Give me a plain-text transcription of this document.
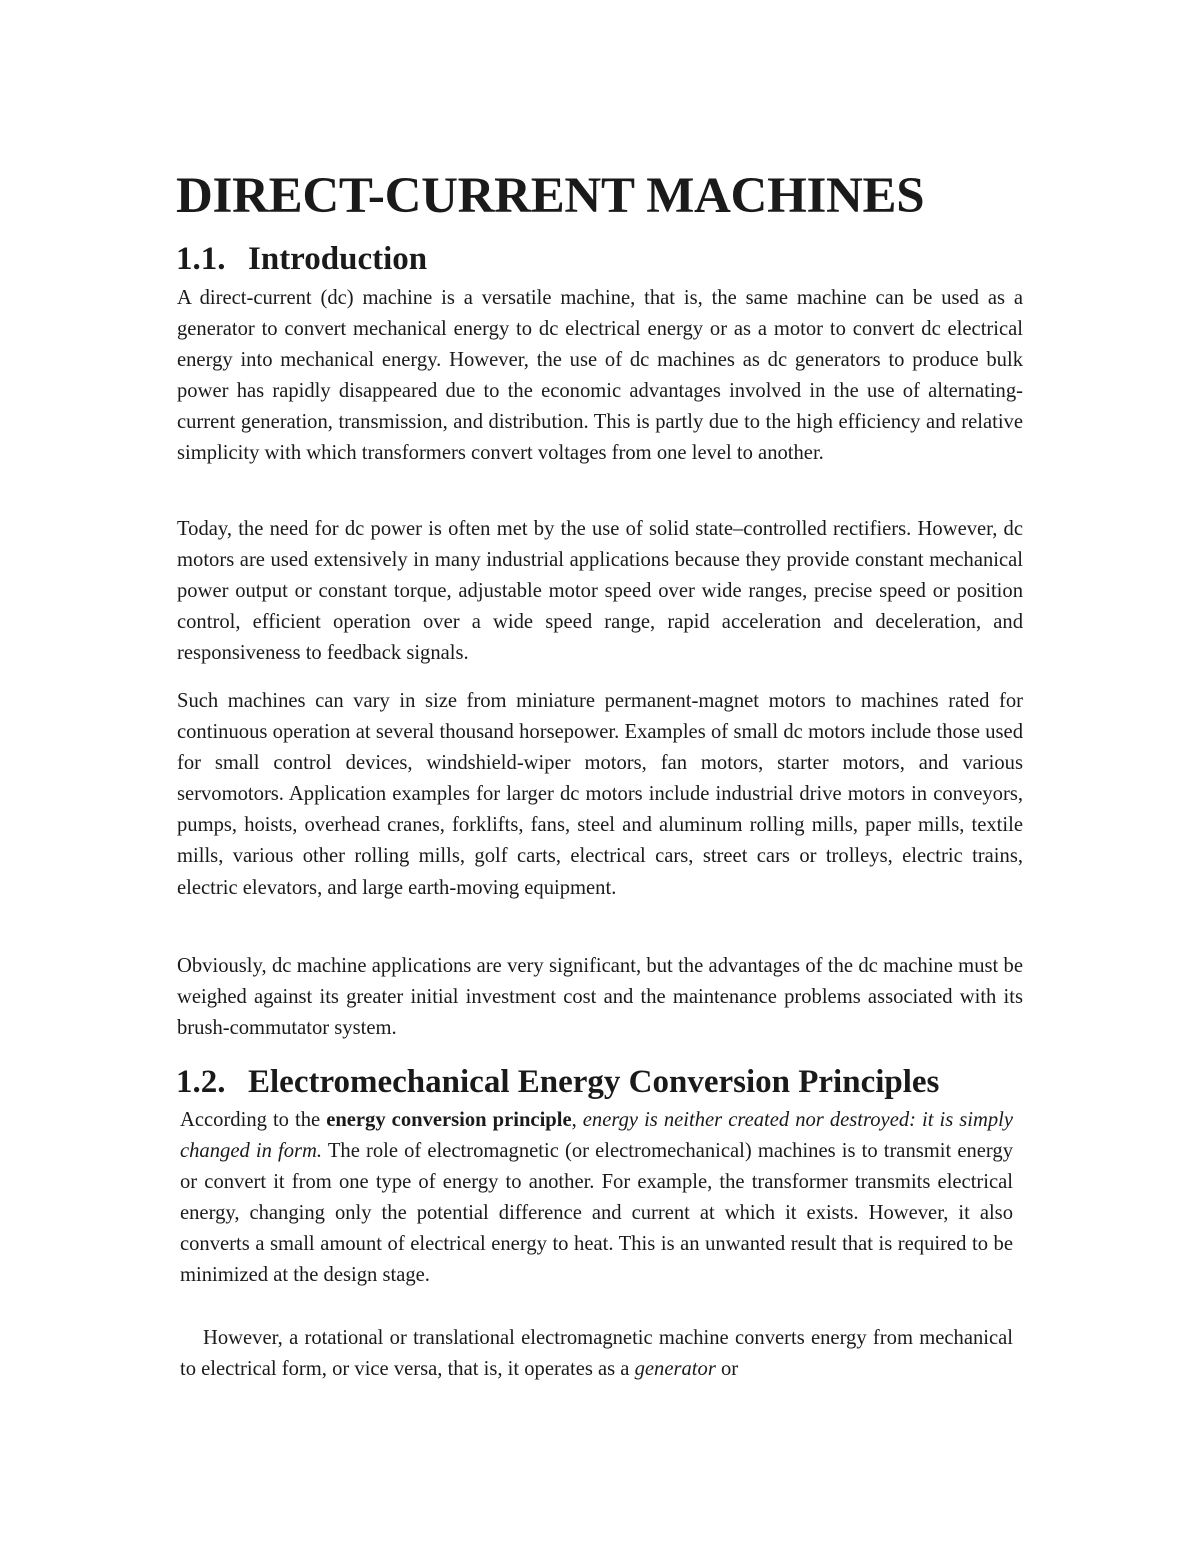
DIRECT-CURRENT MACHINES
1.1. Introduction

A direct-current (dc) machine is a versatile machine, that is, the same machine can be used as a generator to convert mechanical energy to dc electrical energy or as a motor to convert dc electrical energy into mechanical energy. However, the use of dc machines as dc generators to produce bulk power has rapidly disappeared due to the economic advantages involved in the use of alternating-current generation, transmission, and distribution. This is partly due to the high efficiency and relative simplicity with which transformers convert voltages from one level to another.

Today, the need for dc power is often met by the use of solid state–controlled rectifiers. However, dc motors are used extensively in many industrial applications because they provide constant mechanical power output or constant torque, adjustable motor speed over wide ranges, precise speed or position control, efficient operation over a wide speed range, rapid acceleration and deceleration, and responsiveness to feedback signals.

Such machines can vary in size from miniature permanent-magnet motors to machines rated for continuous operation at several thousand horsepower. Examples of small dc motors include those used for small control devices, windshield-wiper motors, fan motors, starter motors, and various servomotors. Application examples for larger dc motors include industrial drive motors in conveyors, pumps, hoists, overhead cranes, forklifts, fans, steel and aluminum rolling mills, paper mills, textile mills, various other rolling mills, golf carts, electrical cars, street cars or trolleys, electric trains, electric elevators, and large earth-moving equipment.

Obviously, dc machine applications are very significant, but the advantages of the dc machine must be weighed against its greater initial investment cost and the maintenance problems associated with its brush-commutator system.

1.2. Electromechanical Energy Conversion Principles

According to the energy conversion principle, energy is neither created nor destroyed: it is simply changed in form. The role of electromagnetic (or electromechanical) machines is to transmit energy or convert it from one type of energy to another. For example, the transformer transmits electrical energy, changing only the potential difference and current at which it exists. However, it also converts a small amount of electrical energy to heat. This is an unwanted result that is required to be minimized at the design stage.

However, a rotational or translational electromagnetic machine converts energy from mechanical to electrical form, or vice versa, that is, it operates as a generator or
